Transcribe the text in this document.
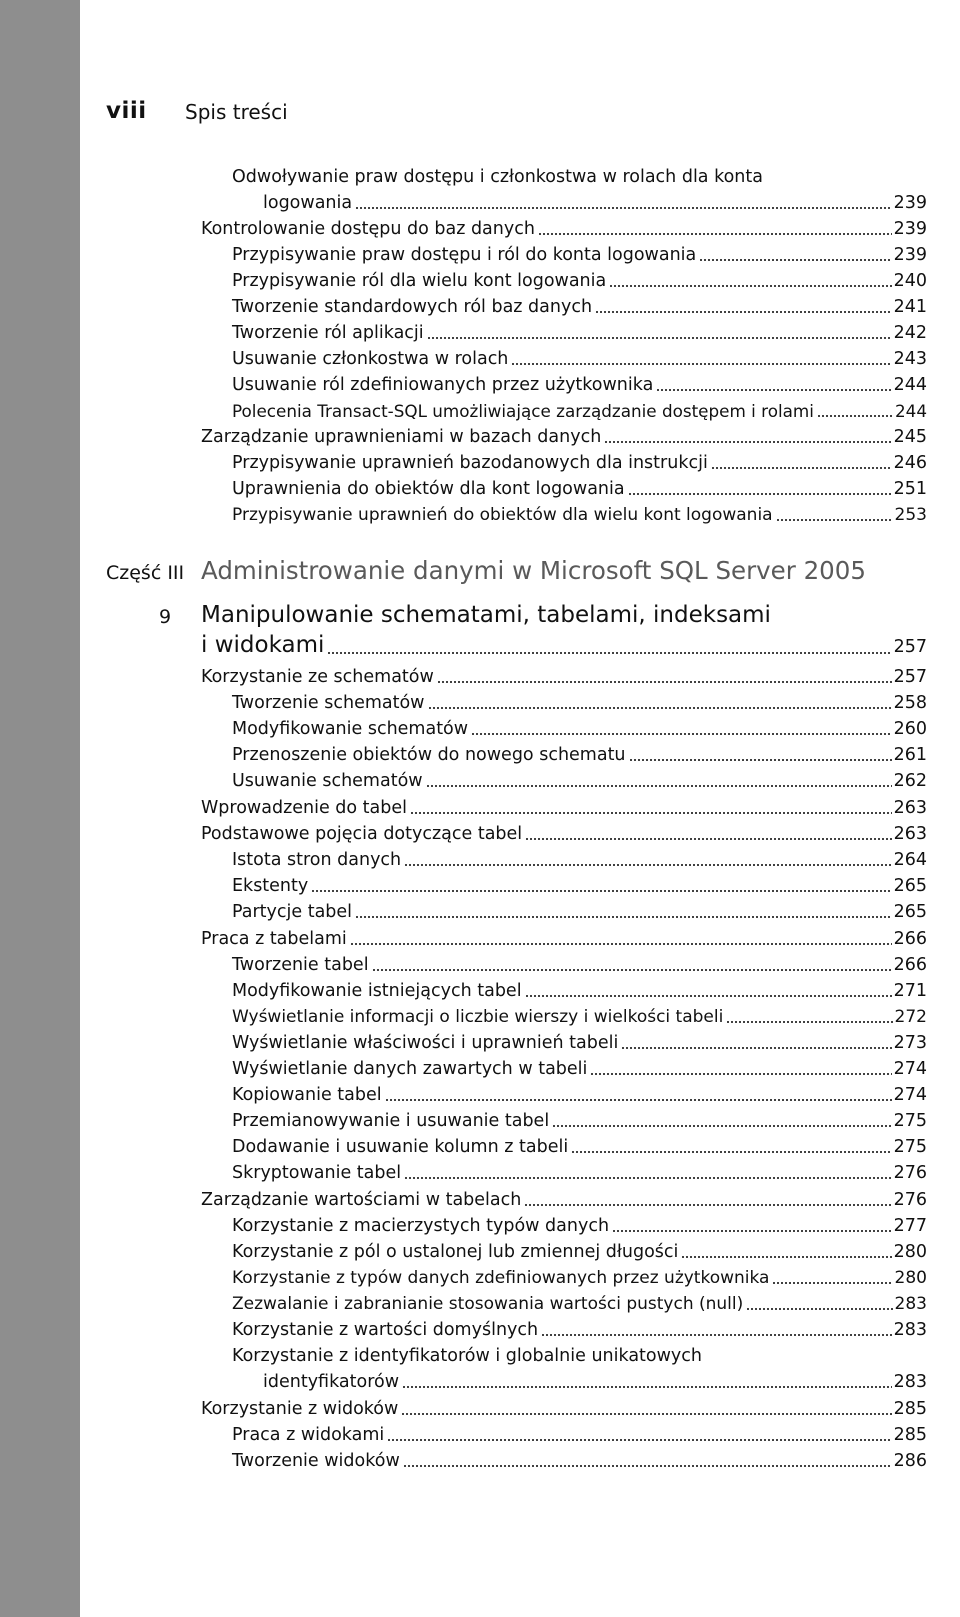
viii Spis treści
Odwoływanie praw dostępu i członkostwa w rolach dla konta
logowania	239
Kontrolowanie dostępu do baz danych	239
Przypisywanie praw dostępu i ról do konta logowania	239
Przypisywanie ról dla wielu kont logowania	240
Tworzenie standardowych ról baz danych	241
Tworzenie ról aplikacji	242
Usuwanie członkostwa w rolach	243
Usuwanie ról zdefiniowanych przez użytkownika	244
Polecenia Transact-SQL umożliwiające zarządzanie dostępem i rolami	244
Zarządzanie uprawnieniami w bazach danych	245
Przypisywanie uprawnień bazodanowych dla instrukcji	246
Uprawnienia do obiektów dla kont logowania	251
Przypisywanie uprawnień do obiektów dla wielu kont logowania	253
Część III Administrowanie danymi w Microsoft SQL Server 2005
9 Manipulowanie schematami, tabelami, indeksami
i widokami	257
Korzystanie ze schematów	257
Tworzenie schematów	258
Modyfikowanie schematów	260
Przenoszenie obiektów do nowego schematu	261
Usuwanie schematów	262
Wprowadzenie do tabel	263
Podstawowe pojęcia dotyczące tabel	263
Istota stron danych	264
Ekstenty	265
Partycje tabel	265
Praca z tabelami	266
Tworzenie tabel	266
Modyfikowanie istniejących tabel	271
Wyświetlanie informacji o liczbie wierszy i wielkości tabeli	272
Wyświetlanie właściwości i uprawnień tabeli	273
Wyświetlanie danych zawartych w tabeli	274
Kopiowanie tabel	274
Przemianowywanie i usuwanie tabel	275
Dodawanie i usuwanie kolumn z tabeli	275
Skryptowanie tabel	276
Zarządzanie wartościami w tabelach	276
Korzystanie z macierzystych typów danych	277
Korzystanie z pól o ustalonej lub zmiennej długości	280
Korzystanie z typów danych zdefiniowanych przez użytkownika	280
Zezwalanie i zabranianie stosowania wartości pustych (null)	283
Korzystanie z wartości domyślnych	283
Korzystanie z identyfikatorów i globalnie unikatowych
identyfikatorów	283
Korzystanie z widoków	285
Praca z widokami	285
Tworzenie widoków	286
